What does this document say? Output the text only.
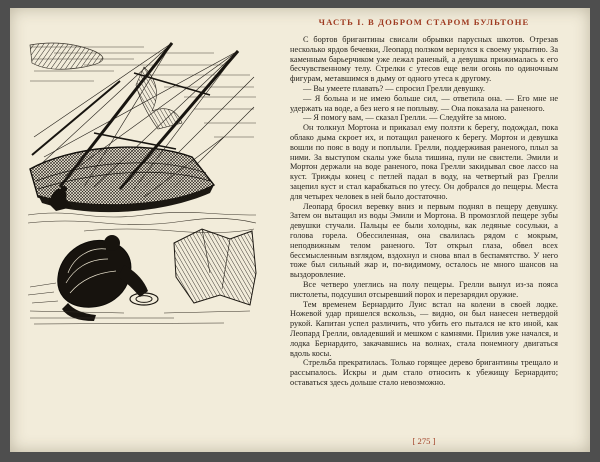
ЧАСТЬ I. В ДОБРОМ СТАРОМ БУЛЬТОНЕ

С бортов бригантины свисали обрывки парусных шкотов. Отрезав несколько ярдов бечевки, Леопард ползком вернулся к своему укрытию. За каменным барьерчиком уже лежал раненый, а девушка прижималась к его бесчувственному телу. Стрелки с утесов еще вели огонь по одиночным фигурам, метавшимся в дыму от одного утеса к другому.

— Вы умеете плавать? — спросил Грелли девушку.

— Я больна и не имею больше сил, — ответила она. — Его мне не удержать на воде, а без него я не поплыву. — Она показала на раненого.

— Я помогу вам, — сказал Грелли. — Следуйте за мною.

Он толкнул Мортона и приказал ему ползти к берегу, подождал, пока облако дыма скроет их, и потащил раненого к берегу. Мортон и девушка вошли по пояс в воду и поплыли. Грелли, поддерживая раненого, плыл за ними. За выступом скалы уже была тишина, пули не свистели. Эмили и Мортон держали на воде раненого, пока Грелли закидывал свое лассо на куст. Трижды конец с петлей падал в воду, на четвертый раз Грелли зацепил куст и стал карабкаться по утесу. Он добрался до пещеры. Места для четырех человек в ней было достаточно.

Леопард бросил веревку вниз и первым поднял в пещеру девушку. Затем он вытащил из воды Эмили и Мортона. В промозглой пещере зубы девушки стучали. Пальцы ее были холодны, как ледяные сосульки, а голова горела. Обессиленная, она свалилась рядом с мокрым, неподвижным телом раненого. Тот открыл глаза, обвел всех бессмысленным взглядом, вздохнул и снова впал в беспамятство. У него тоже был сильный жар и, по-видимому, осталось не много шансов на выздоровление.

Все четверо улеглись на полу пещеры. Грелли вынул из-за пояса пистолеты, подсушил отсыревший порох и перезарядил оружие.

Тем временем Бернардито Луис встал на колени в своей лодке. Ножевой удар пришелся вскользь, — видно, он был нанесен нетвердой рукой. Капитан успел различить, что убить его пытался не кто иной, как Леопард Грелли, овладевший и мешком с камнями. Прилив уже начался, и лодка Бернардито, закачавшись на волнах, стала понемногу двигаться вдоль косы.

Стрельба прекратилась. Только горящее дерево бригантины трещало и рассыпалось. Искры и дым стало относить к убежищу Бернардито; оставаться здесь дольше стало невозможно.

[ 275 ]
